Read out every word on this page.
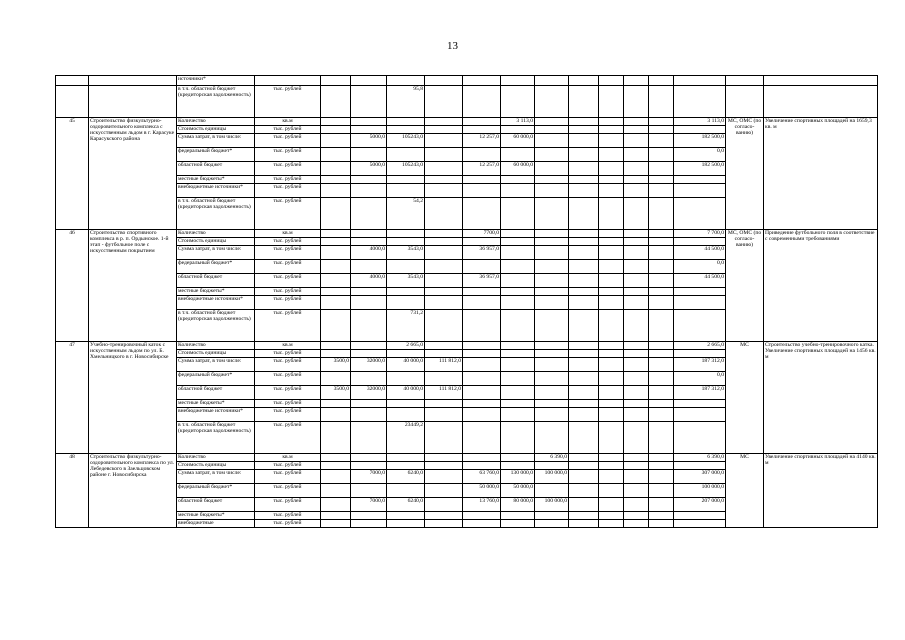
13
		источники*															
		в т.ч. областной бюджет (кредиторская задолженность)	тыс. рублей			95,8											
45	Строительство физкультурно-оздоровительного комплекса с искусственным льдом в г. Карасуке Карасукского района	Количество	кв.м						3 113,0						3 113,0	МС, ОМС (по согласо-ванию)	Увеличение спортивных площадей на 1659,3 кв. м
		Стоимость единицы	тыс. рублей														
		Сумма затрат, в том числе:	тыс. рублей		5000,0	105243,0		12 257,0	60 000,0						182 500,0		
		федеральный бюджет*	тыс. рублей												0,0		
		областной бюджет	тыс. рублей		5000,0	105243,0		12 257,0	60 000,0						182 500,0		
		местные бюджеты*	тыс. рублей														
		внебюджетные источники*	тыс. рублей														
		в т.ч. областной бюджет (кредиторская задолженность)	тыс. рублей			54,2											
46	Строительство спортивного комплекса в р. п. Ордынское. 1-й этап - футбольное поле с искусственным покрытием	Количество	кв.м					7700,0							7 700,0	МС, ОМС (по согласо-ванию)	Приведение футбольного поля в соответствие с современными требованиями
		Стоимость единицы	тыс. рублей														
		Сумма затрат, в том числе:	тыс. рублей		4000,0	3543,0		36 957,0							44 500,0		
		федеральный бюджет*	тыс. рублей												0,0		
		областной бюджет	тыс. рублей		4000,0	3543,0		36 957,0							44 500,0		
		местные бюджеты*	тыс. рублей														
		внебюджетные источники*	тыс. рублей														
		в т.ч. областной бюджет (кредиторская задолженность)	тыс. рублей			731,2											
47	Учебно-тренировочный каток с искусственным льдом по ул. Б. Хмельницкого в г. Новосибирске	Количество	кв.м			2 665,0									2 665,0	МС	Строительство учебно-тренировочного катка. Увеличение спортивных площадей на 1456 кв. м
		Стоимость единицы	тыс. рублей														
		Сумма затрат, в том числе:	тыс. рублей	3500,0	32000,0	40 000,0	111 812,0								187 312,0		
		федеральный бюджет*	тыс. рублей												0,0		
		областной бюджет	тыс. рублей	3500,0	32000,0	40 000,0	111 812,0								187 312,0		
		местные бюджеты*	тыс. рублей														
		внебюджетные источники*	тыс. рублей														
		в т.ч. областной бюджет (кредиторская задолженность)	тыс. рублей			23449,2											
48	Строительство физкультурно-оздоровительного комплекса по ул. Лебедевского в Заельцовском районе г. Новосибирска	Количество	кв.м							6 390,0					6 390,0	МС	Увеличение спортивных площадей на 4140 кв. м
		Стоимость единицы	тыс. рублей														
		Сумма затрат, в том числе:	тыс. рублей		7000,0	6240,0		63 760,0	130 000,0	100 000,0					307 000,0		
		федеральный бюджет*	тыс. рублей					50 000,0	50 000,0						100 000,0		
		областной бюджет	тыс. рублей		7000,0	6240,0		13 760,0	80 000,0	100 000,0					207 000,0		
		местные бюджеты*	тыс. рублей														
		внебюджетные	тыс. рублей														
